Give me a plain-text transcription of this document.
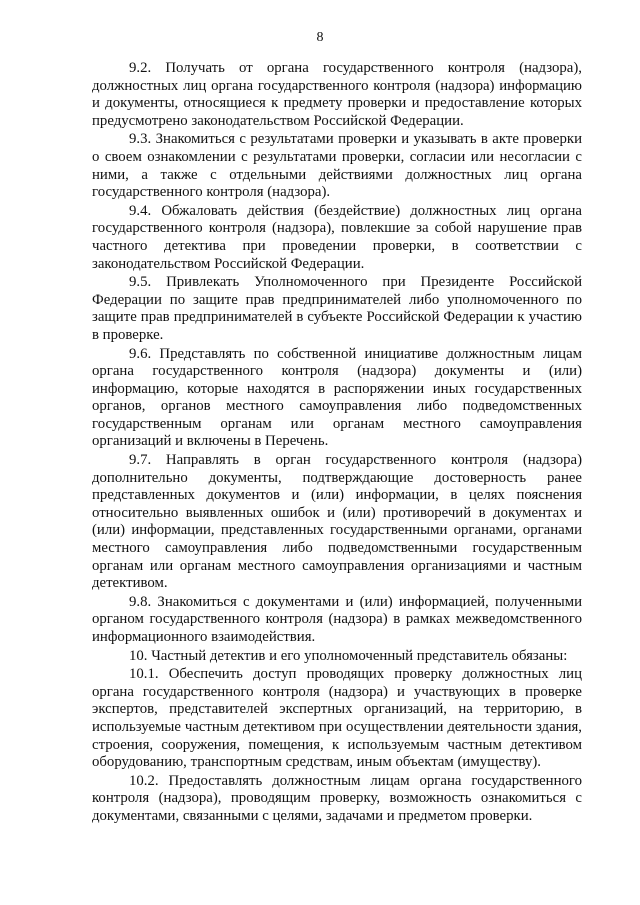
8

9.2. Получать от органа государственного контроля (надзора), должностных лиц органа государственного контроля (надзора) информацию и документы, относящиеся к предмету проверки и предоставление которых предусмотрено законодательством Российской Федерации.

9.3. Знакомиться с результатами проверки и указывать в акте проверки о своем ознакомлении с результатами проверки, согласии или несогласии с ними, а также с отдельными действиями должностных лиц органа государственного контроля (надзора).

9.4. Обжаловать действия (бездействие) должностных лиц органа государственного контроля (надзора), повлекшие за собой нарушение прав частного детектива при проведении проверки, в соответствии с законодательством Российской Федерации.

9.5. Привлекать Уполномоченного при Президенте Российской Федерации по защите прав предпринимателей либо уполномоченного по защите прав предпринимателей в субъекте Российской Федерации к участию в проверке.

9.6. Представлять по собственной инициативе должностным лицам органа государственного контроля (надзора) документы и (или) информацию, которые находятся в распоряжении иных государственных органов, органов местного самоуправления либо подведомственных государственным органам или органам местного самоуправления организаций и включены в Перечень.

9.7. Направлять в орган государственного контроля (надзора) дополнительно документы, подтверждающие достоверность ранее представленных документов и (или) информации, в целях пояснения относительно выявленных ошибок и (или) противоречий в документах и (или) информации, представленных государственными органами, органами местного самоуправления либо подведомственными государственным органам или органам местного самоуправления организациями и частным детективом.

9.8. Знакомиться с документами и (или) информацией, полученными органом государственного контроля (надзора) в рамках межведомственного информационного взаимодействия.

10. Частный детектив и его уполномоченный представитель обязаны:

10.1. Обеспечить доступ проводящих проверку должностных лиц органа государственного контроля (надзора) и участвующих в проверке экспертов, представителей экспертных организаций, на территорию, в используемые частным детективом при осуществлении деятельности здания, строения, сооружения, помещения, к используемым частным детективом оборудованию, транспортным средствам, иным объектам (имуществу).

10.2. Предоставлять должностным лицам органа государственного контроля (надзора), проводящим проверку, возможность ознакомиться с документами, связанными с целями, задачами и предметом проверки.
